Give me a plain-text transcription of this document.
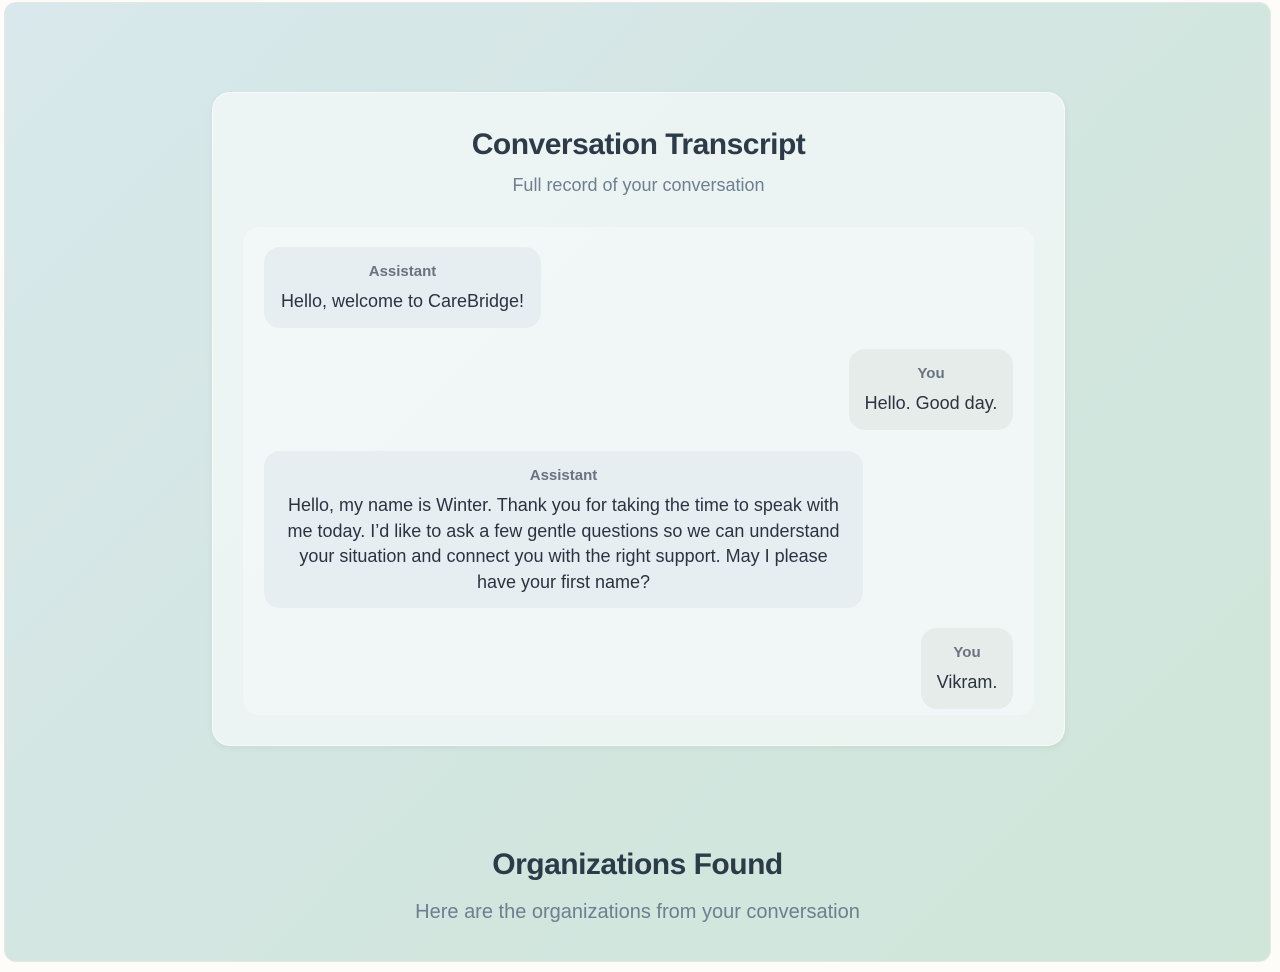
Conversation Transcript
Full record of your conversation
Assistant
Hello, welcome to CareBridge!
You
Hello. Good day.
Assistant
Hello, my name is Winter. Thank you for taking the time to speak with me today. I’d like to ask a few gentle questions so we can understand your situation and connect you with the right support. May I please have your first name?
You
Vikram.
Organizations Found
Here are the organizations from your conversation
